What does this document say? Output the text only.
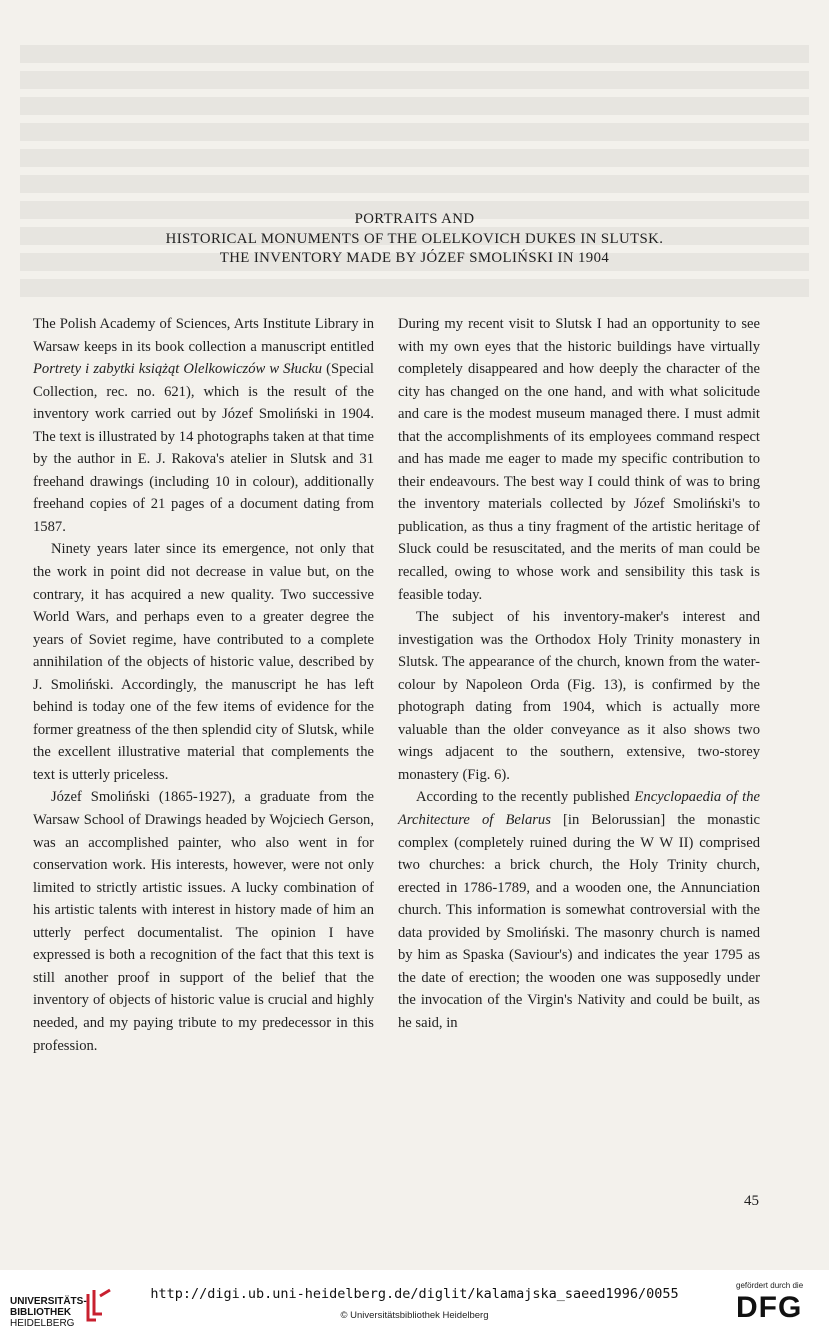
PORTRAITS AND
HISTORICAL MONUMENTS OF THE OLELKOVICH DUKES IN SLUTSK.
THE INVENTORY MADE BY JÓZEF SMOLIŃSKI IN 1904

The Polish Academy of Sciences, Arts Institute Library in Warsaw keeps in its book collection a manuscript entitled Portrety i zabytki książąt Olelkowiczów w Słucku (Special Collection, rec. no. 621), which is the result of the inventory work carried out by Józef Smoliński in 1904. The text is illustrated by 14 photographs taken at that time by the author in E. J. Rakova's atelier in Slutsk and 31 freehand drawings (including 10 in colour), additionally freehand copies of 21 pages of a document dating from 1587.

Ninety years later since its emergence, not only that the work in point did not decrease in value but, on the contrary, it has acquired a new quality. Two successive World Wars, and perhaps even to a greater degree the years of Soviet regime, have contributed to a complete annihilation of the objects of historic value, described by J. Smoliński. Accordingly, the manuscript he has left behind is today one of the few items of evidence for the former greatness of the then splendid city of Slutsk, while the excellent illustrative material that complements the text is utterly priceless.

Józef Smoliński (1865-1927), a graduate from the Warsaw School of Drawings headed by Wojciech Gerson, was an accomplished painter, who also went in for conservation work. His interests, however, were not only limited to strictly artistic issues. A lucky combination of his artistic talents with interest in history made of him an utterly perfect documentalist. The opinion I have expressed is both a recognition of the fact that this text is still another proof in support of the belief that the inventory of objects of historic value is crucial and highly needed, and my paying tribute to my predecessor in this profession.

During my recent visit to Slutsk I had an opportunity to see with my own eyes that the historic buildings have virtually completely disappeared and how deeply the character of the city has changed on the one hand, and with what solicitude and care is the modest museum managed there. I must admit that the accomplishments of its employees command respect and has made me eager to made my specific contribution to their endeavours. The best way I could think of was to bring the inventory materials collected by Józef Smoliński's to publication, as thus a tiny fragment of the artistic heritage of Sluck could be resuscitated, and the merits of man could be recalled, owing to whose work and sensibility this task is feasible today.

The subject of his inventory-maker's interest and investigation was the Orthodox Holy Trinity monastery in Slutsk. The appearance of the church, known from the water-colour by Napoleon Orda (Fig. 13), is confirmed by the photograph dating from 1904, which is actually more valuable than the older conveyance as it also shows two wings adjacent to the southern, extensive, two-storey monastery (Fig. 6).

According to the recently published Encyclopaedia of the Architecture of Belarus [in Belorussian] the monastic complex (completely ruined during the W W II) comprised two churches: a brick church, the Holy Trinity church, erected in 1786-1789, and a wooden one, the Annunciation church. This information is somewhat controversial with the data provided by Smoliński. The masonry church is named by him as Spaska (Saviour's) and indicates the year 1795 as the date of erection; the wooden one was supposedly under the invocation of the Virgin's Nativity and could be built, as he said, in

45
UNIVERSITÄTS-
BIBLIOTHEK
HEIDELBERG
http://digi.ub.uni-heidelberg.de/diglit/kalamajska_saeed1996/0055
© Universitätsbibliothek Heidelberg
gefördert durch die
DFG
